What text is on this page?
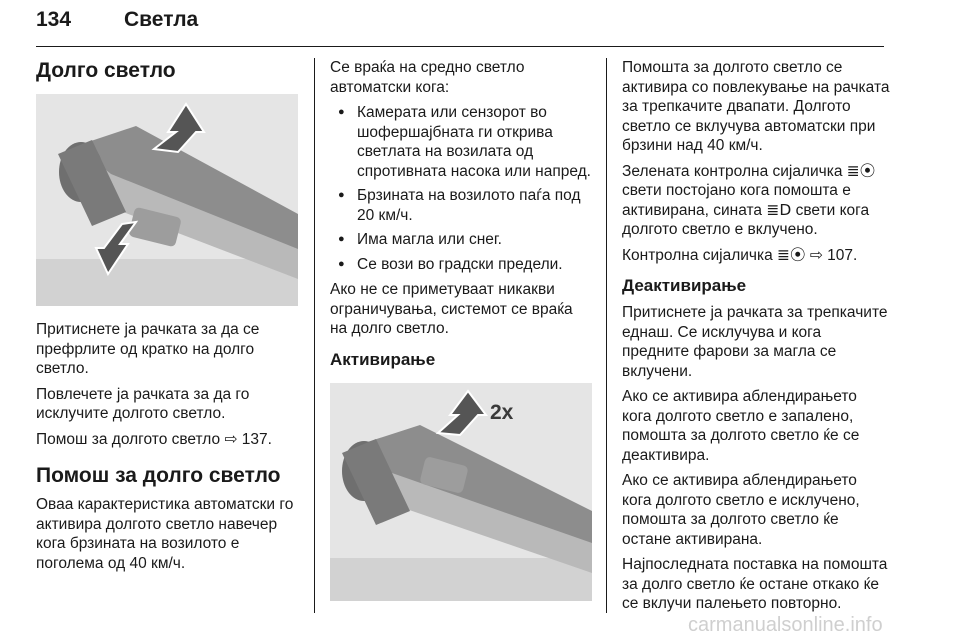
134	Светла
Долго светло

Притиснете ја рачката за да се префрлите од кратко на долго светло.

Повлечете ја рачката за да го исклучите долгото светло.

Помош за долгото светло ⇨ 137.

Помош за долго светло

Оваа карактеристика автоматски го активира долгото светло навечер кога брзината на возилото е поголема од 40 км/ч.

Се враќа на средно светло автоматски кога:

● Камерата или сензорот во шофершајбната ги открива светлата на возилата од спротивната насока или напред.
● Брзината на возилото паѓа под 20 км/ч.
● Има магла или снег.
● Се вози во градски предели.

Ако не се приметуваат никакви ограничувања, системот се враќа на долго светло.

Активирање
2x

Помошта за долгото светло се активира со повлекување на рачката за трепкачите двапати. Долгото светло се вклучува автоматски при брзини над 40 км/ч.

Зелената контролна сијаличка ≣⦿ свети постојано кога помошта е активирана, сината ≣D свети кога долгото светло е вклучено.

Контролна сијаличка ≣⦿ ⇨ 107.

Деактивирање

Притиснете ја рачката за трепкачите еднаш. Се исклучува и кога предните фарови за магла се вклучени.

Ако се активира аблендирањето кога долгото светло е запалено, помошта за долгото светло ќе се деактивира.

Ако се активира аблендирањето кога долгото светло е исклучено, помошта за долгото светло ќе остане активирана.

Најпоследната поставка на помошта за долго светло ќе остане откако ќе се вклучи палењето повторно.

carmanualsonline.info
